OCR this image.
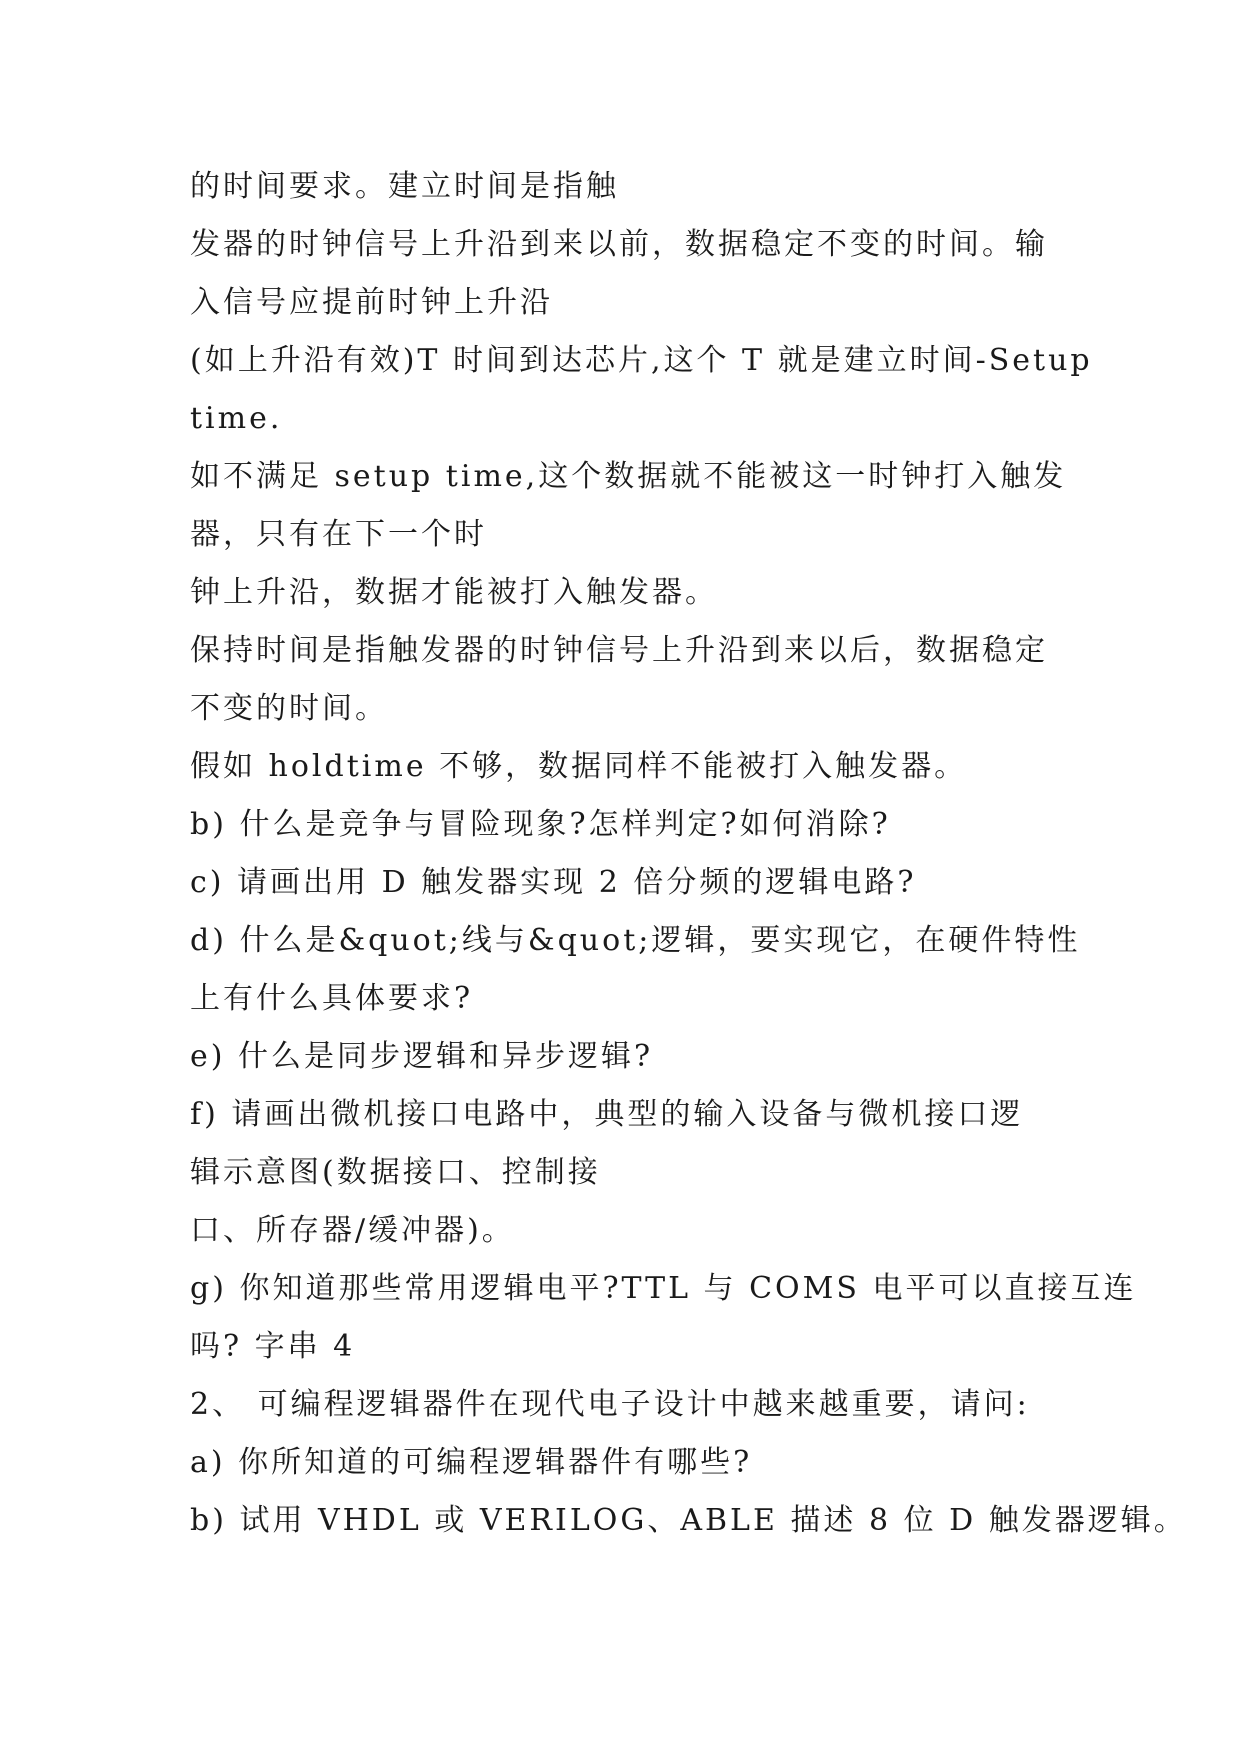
的时间要求。建立时间是指触
发器的时钟信号上升沿到来以前，数据稳定不变的时间。输
入信号应提前时钟上升沿
(如上升沿有效)T 时间到达芯片,这个 T 就是建立时间-Setup
time.
如不满足 setup time,这个数据就不能被这一时钟打入触发
器，只有在下一个时
钟上升沿，数据才能被打入触发器。
保持时间是指触发器的时钟信号上升沿到来以后，数据稳定
不变的时间。
假如 holdtime 不够，数据同样不能被打入触发器。
b) 什么是竞争与冒险现象?怎样判定?如何消除?
c) 请画出用 D 触发器实现 2 倍分频的逻辑电路?
d) 什么是&quot;线与&quot;逻辑，要实现它，在硬件特性
上有什么具体要求?
e) 什么是同步逻辑和异步逻辑?
f) 请画出微机接口电路中，典型的输入设备与微机接口逻
辑示意图(数据接口、控制接
口、所存器/缓冲器)。
g) 你知道那些常用逻辑电平?TTL 与 COMS 电平可以直接互连
吗? 字串 4
2、 可编程逻辑器件在现代电子设计中越来越重要，请问:
a) 你所知道的可编程逻辑器件有哪些?
b) 试用 VHDL 或 VERILOG、ABLE 描述 8 位 D 触发器逻辑。
